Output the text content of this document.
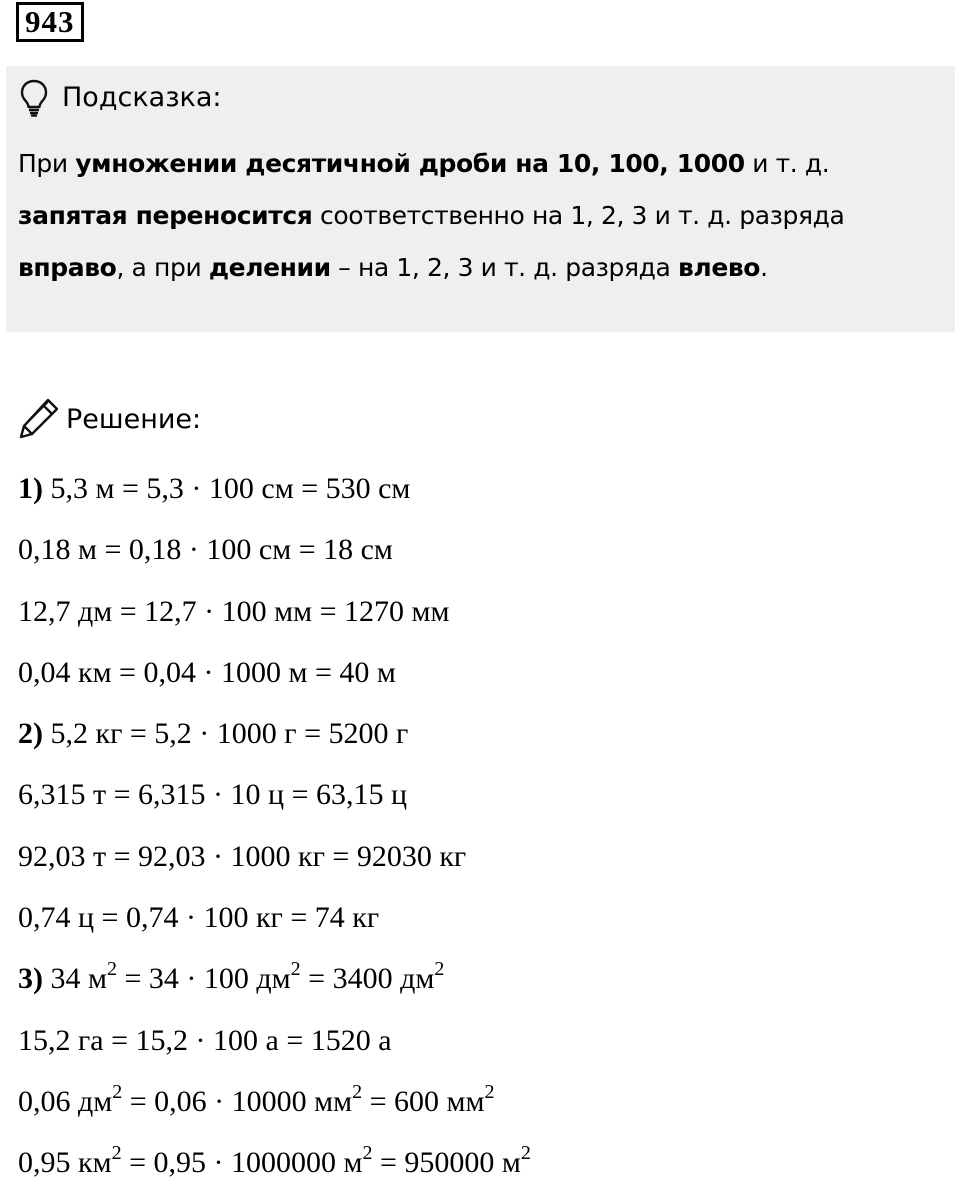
943
Подсказка:
При умножении десятичной дроби на 10, 100, 1000 и т. д.
запятая переносится соответственно на 1, 2, 3 и т. д. разряда
вправо, а при делении – на 1, 2, 3 и т. д. разряда влево.
Решение:
1) 5,3 м = 5,3 · 100 см = 530 см
0,18 м = 0,18 · 100 см = 18 см
12,7 дм = 12,7 · 100 мм = 1270 мм
0,04 км = 0,04 · 1000 м = 40 м
2) 5,2 кг = 5,2 · 1000 г = 5200 г
6,315 т = 6,315 · 10 ц = 63,15 ц
92,03 т = 92,03 · 1000 кг = 92030 кг
0,74 ц = 0,74 · 100 кг = 74 кг
3) 34 $м^2 = 34 \cdot 100$ $дм^2 = 3400$ $дм^2$
15,2 га = 15,2 · 100 а = 1520 а
0,06 $дм^2 = 0,06 \cdot 10000$ $мм^2 = 600$ $мм^2$
0,95 $км^2 = 0,95 \cdot 1000000$ $м^2 = 950000$ $м^2$
